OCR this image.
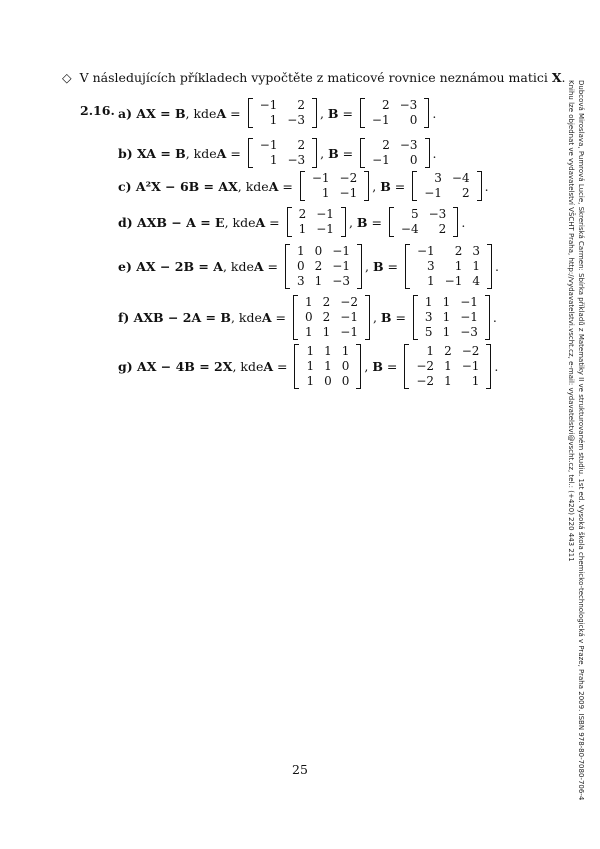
◇ V následujících příkladech vypočtěte z maticové rovnice neznámou matici X.
2.16. a) AX = B , kde A =
−1	2
1	−3 , B =
2	−3
−1	0 .
b) XA = B , kde A =
−1	2
1	−3 , B =
2	−3
−1	0 .
c) A²X − 6B = AX , kde A =
−1	−2
1	−1 , B =
3	−4
−1	2 .
d) AXB − A = E , kde A =
2	−1
1	−1 , B =
5	−3
−4	2 .
e) AX − 2B = A , kde A =
1	0	−1
0	2	−1
3	1	−3
, B =
−1	2	3
3	1	1
1	−1	4
.
f) AXB − 2A = B , kde A =
1	2	−2
0	2	−1
1	1	−1
, B =
1	1	−1
3	1	−1
5	1	−3
.
g) AX − 4B = 2X , kde A =
1	1	1
1	1	0
1	0	0
, B =
1	2	−2
−2	1	−1
−2	1	1
.
25	Dubcová Miroslava, Pumrová Lucie, Skreriská Carmen: Sbírka příkladů z Matematiky II ve strukturovaném studiu. 1st ed. Vysoká škola chemicko-technologická v Praze, Praha 2009. ISBN 978-80-7080-706-4
Knihu lze objednat ve vydavatelství VŠCHT Praha, http://vydavatelstvi.vscht.cz, e-mail: vydavatelstvi@vscht.cz, tel.: (+420) 220 443 211
